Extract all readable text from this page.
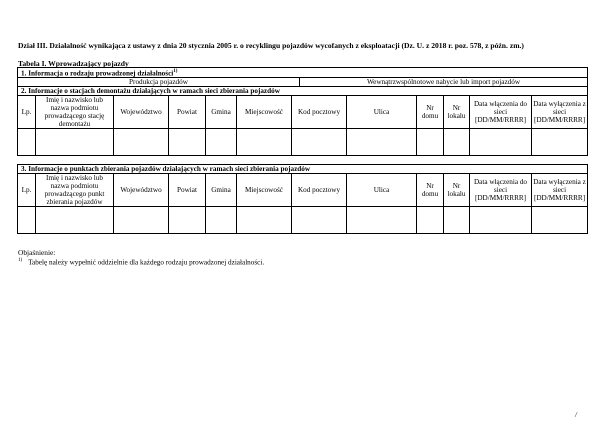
Dział III. Działalność wynikająca z ustawy z dnia 20 stycznia 2005 r. o recyklingu pojazdów wycofanych z eksploatacji (Dz. U. z 2018 r. poz. 578, z późn. zm.)
Tabela I. Wprowadzający pojazdy
1. Informacja o rodzaju prowadzonej działalności$^{1)}$
Produkcja pojazdów	Wewnątrzwspólnotowe nabycie lub import pojazdów
2. Informacje o stacjach demontażu działających w ramach sieci zbierania pojazdów											
Lp.	Imię i nazwisko lub nazwa podmiotu prowadzącego stację demontażu	Województwo	Powiat	Gmina	Miejscowość	Kod pocztowy	Ulica	Nr domu	Nr lokalu	Data włączenia do sieci [DD/MM/RRRR]	Data wyłączenia z sieci [DD/MM/RRRR]

3. Informacje o punktach zbierania pojazdów działających w ramach sieci zbierania pojazdów											
Lp.	Imię i nazwisko lub nazwa podmiotu prowadzącego punkt zbierania pojazdów	Województwo	Powiat	Gmina	Miejscowość	Kod pocztowy	Ulica	Nr domu	Nr lokalu	Data włączenia do sieci [DD/MM/RRRR]	Data wyłączenia z sieci [DD/MM/RRRR]

Objaśnienie:
$^{1)}$ Tabelę należy wypełnić oddzielnie dla każdego rodzaju prowadzonej działalności.
/
